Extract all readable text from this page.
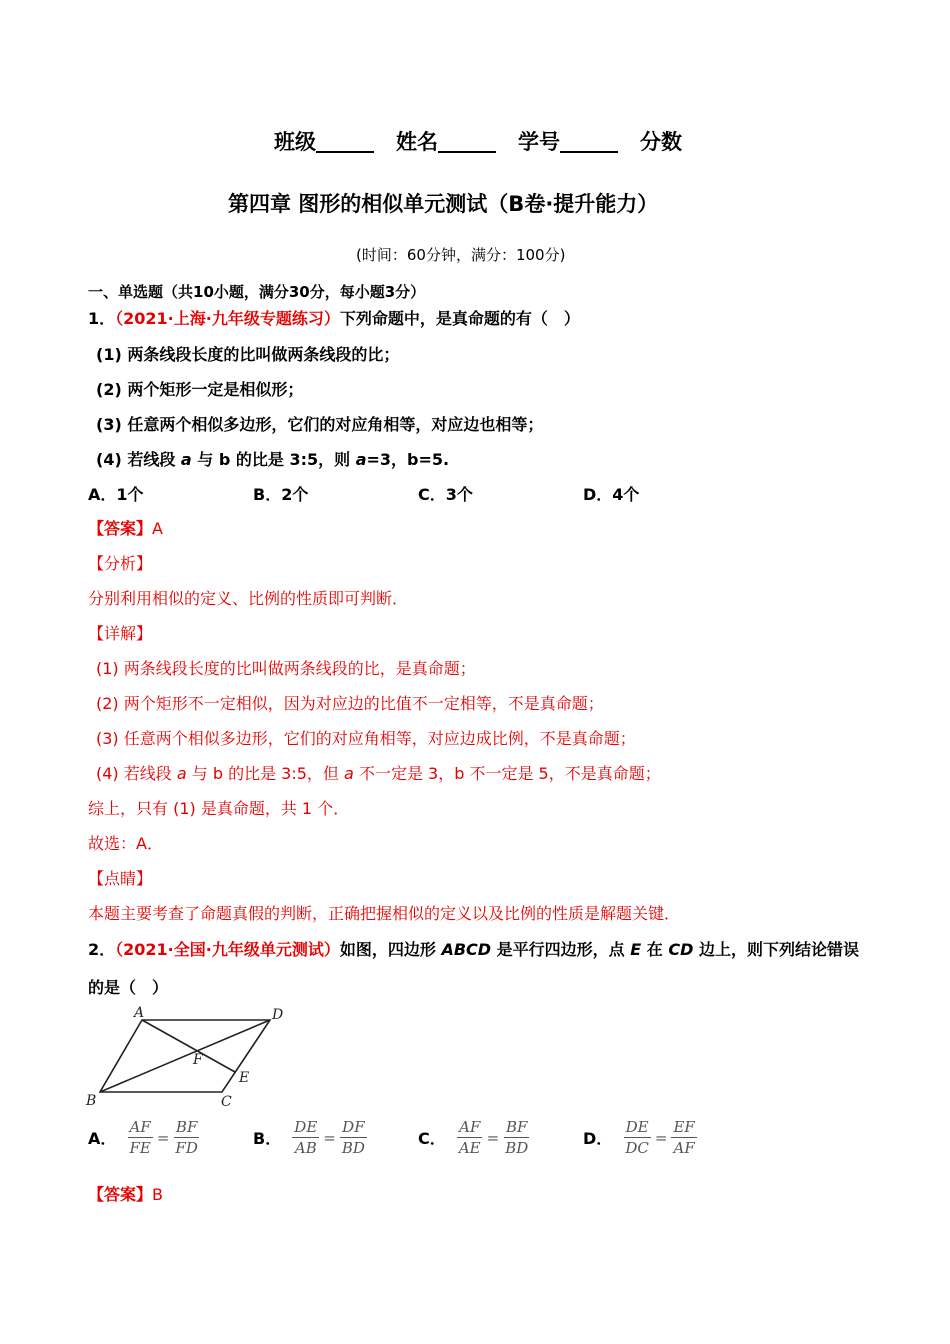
班级	姓名	学号	分数
第四章 图形的相似单元测试（B卷·提升能力）
(时间：60分钟，满分：100分)
一、单选题（共10小题，满分30分，每小题3分）
1．（2021·上海·九年级专题练习）下列命题中，是真命题的有（　）
(1) 两条线段长度的比叫做两条线段的比；
(2) 两个矩形一定是相似形；
(3) 任意两个相似多边形，它们的对应角相等，对应边也相等；
(4) 若线段 a 与 b 的比是 3:5，则 a=3，b=5.
A．1个	B．2个	C．3个	D．4个
【答案】A
【分析】
分别利用相似的定义、比例的性质即可判断．
【详解】
(1) 两条线段长度的比叫做两条线段的比，是真命题；
(2) 两个矩形不一定相似，因为对应边的比值不一定相等，不是真命题；
(3) 任意两个相似多边形，它们的对应角相等，对应边成比例，不是真命题；
(4) 若线段 a 与 b 的比是 3:5，但 a 不一定是 3，b 不一定是 5，不是真命题；
综上，只有 (1) 是真命题，共 1 个．
故选：A．
【点睛】
本题主要考查了命题真假的判断，正确把握相似的定义以及比例的性质是解题关键．
2．（2021·全国·九年级单元测试）如图，四边形 ABCD 是平行四边形，点 E 在 CD 边上，则下列结论错误
的是（　）
A	D
F
E
B	C
A． $\frac{AF}{FE} = \frac{BF}{FD}$	B． $\frac{DE}{AB} = \frac{DF}{BD}$	C． $\frac{AF}{AE} = \frac{BF}{BD}$	D． $\frac{DE}{DC} = \frac{EF}{AF}$
【答案】B
